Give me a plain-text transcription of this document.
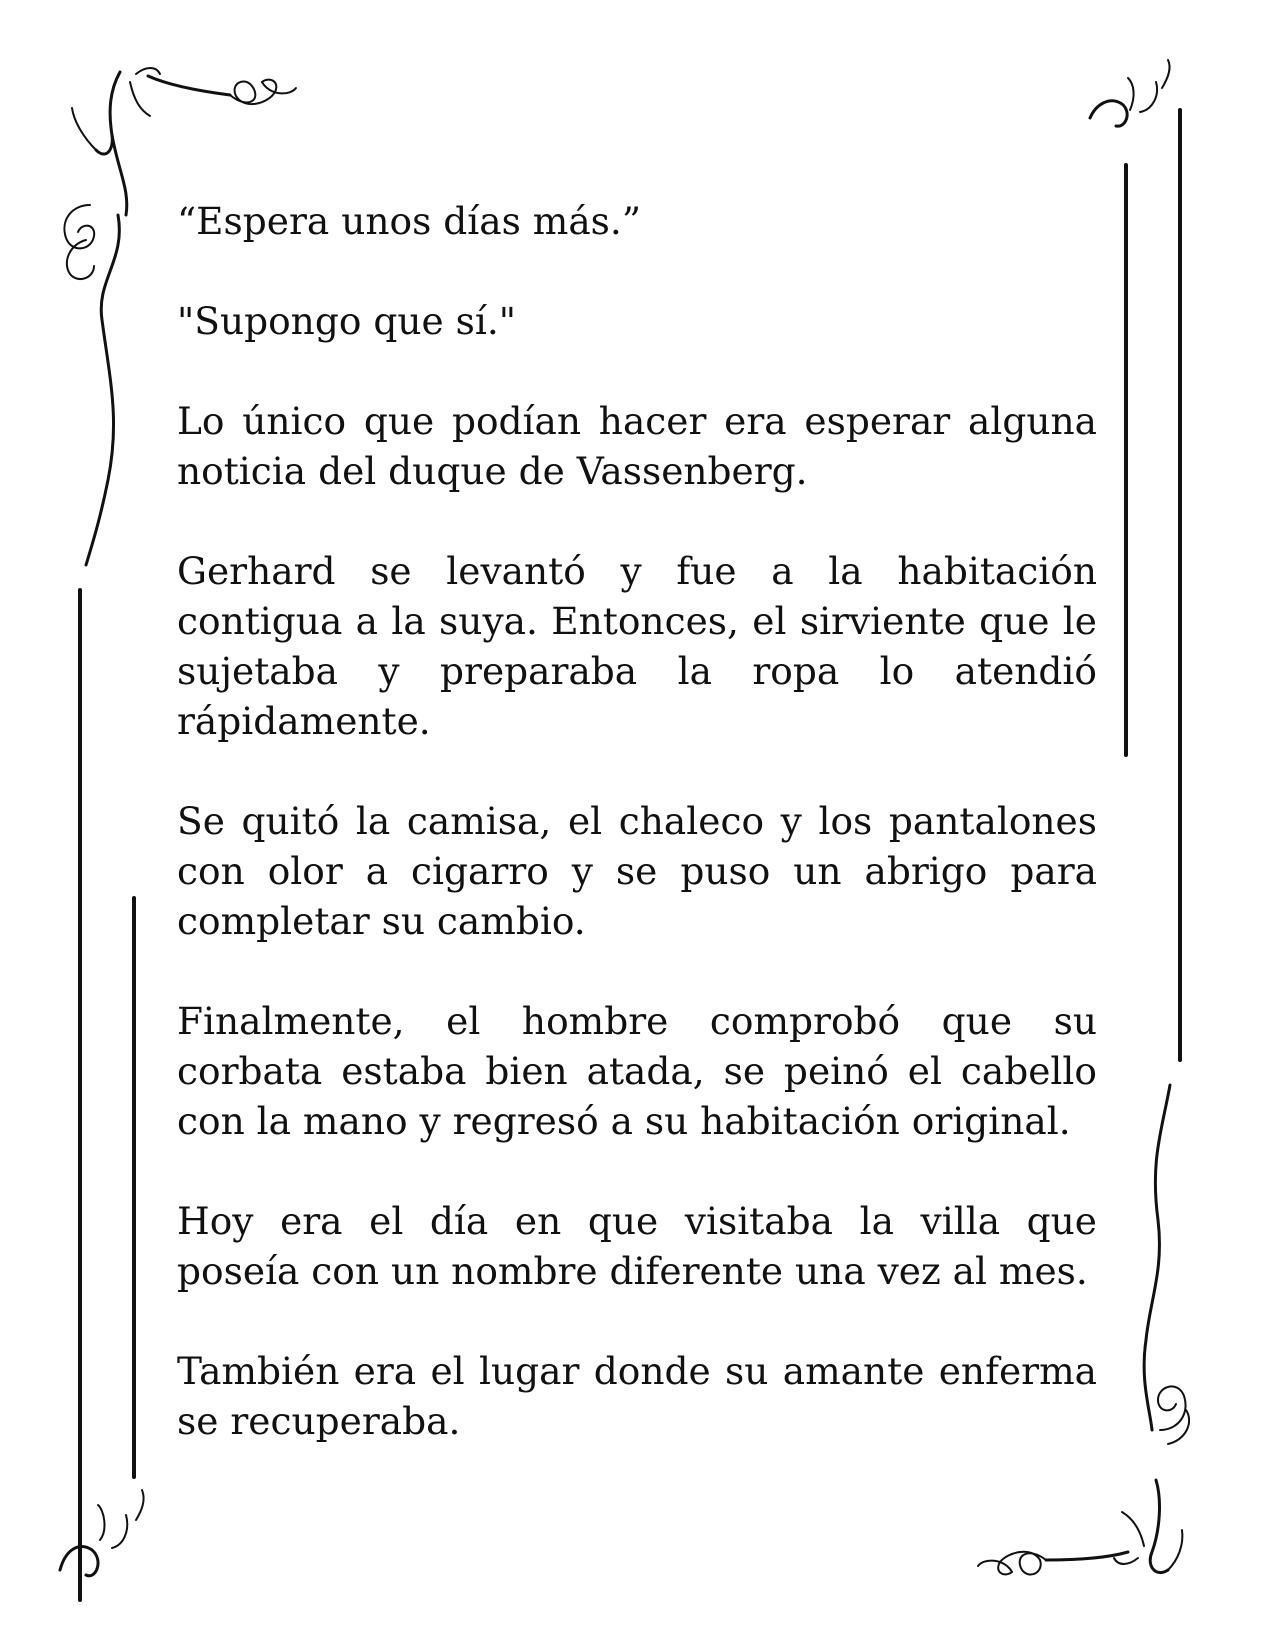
“Espera unos días más.”

"Supongo que sí."

Lo único que podían hacer era esperar alguna noticia del duque de Vassenberg.

Gerhard se levantó y fue a la habitación contigua a la suya. Entonces, el sirviente que le sujetaba y preparaba la ropa lo atendió rápidamente.

Se quitó la camisa, el chaleco y los pantalones con olor a cigarro y se puso un abrigo para completar su cambio.

Finalmente, el hombre comprobó que su corbata estaba bien atada, se peinó el cabello con la mano y regresó a su habitación original.

Hoy era el día en que visitaba la villa que poseía con un nombre diferente una vez al mes.

También era el lugar donde su amante enferma se recuperaba.
